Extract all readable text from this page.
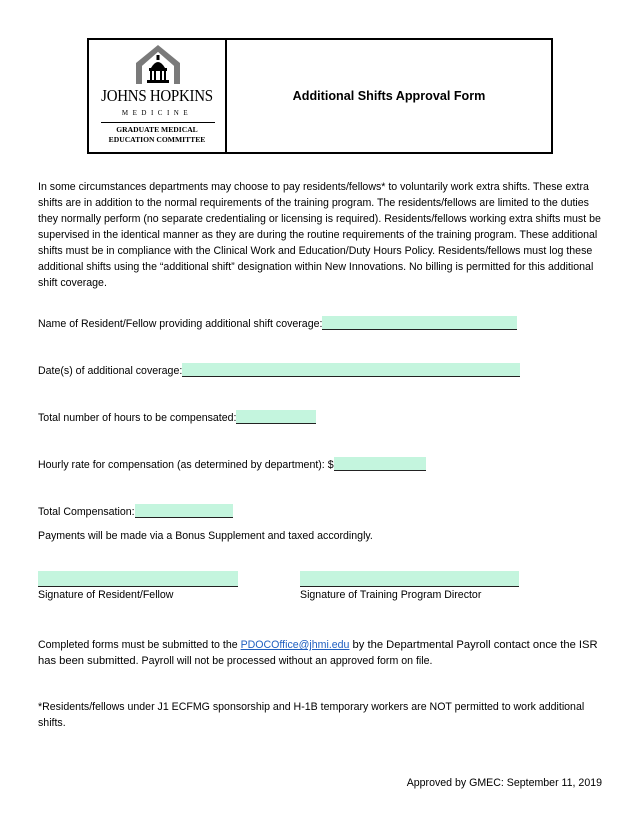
JOHNS HOPKINS
MEDICINE
GRADUATE MEDICAL
EDUCATION COMMITTEE
Additional Shifts Approval Form

In some circumstances departments may choose to pay residents/fellows* to voluntarily work extra shifts. These extra shifts are in addition to the normal requirements of the training program. The residents/fellows are limited to the duties they normally perform (no separate credentialing or licensing is required). Residents/fellows working extra shifts must be supervised in the identical manner as they are during the routine requirements of the training program. These additional shifts must be in compliance with the Clinical Work and Education/Duty Hours Policy. Residents/fellows must log these additional shifts using the “additional shift” designation within New Innovations. No billing is permitted for this additional shift coverage.

Name of Resident/Fellow providing additional shift coverage:
Date(s) of additional coverage:
Total number of hours to be compensated:
Hourly rate for compensation (as determined by department): $
Total Compensation:
Payments will be made via a Bonus Supplement and taxed accordingly.
Signature of Resident/Fellow	Signature of Training Program Director

Completed forms must be submitted to the PDOCOffice@jhmi.edu by the Departmental Payroll contact once the ISR has been submitted. Payroll will not be processed without an approved form on file.

*Residents/fellows under J1 ECFMG sponsorship and H-1B temporary workers are NOT permitted to work additional shifts.

Approved by GMEC: September 11, 2019
